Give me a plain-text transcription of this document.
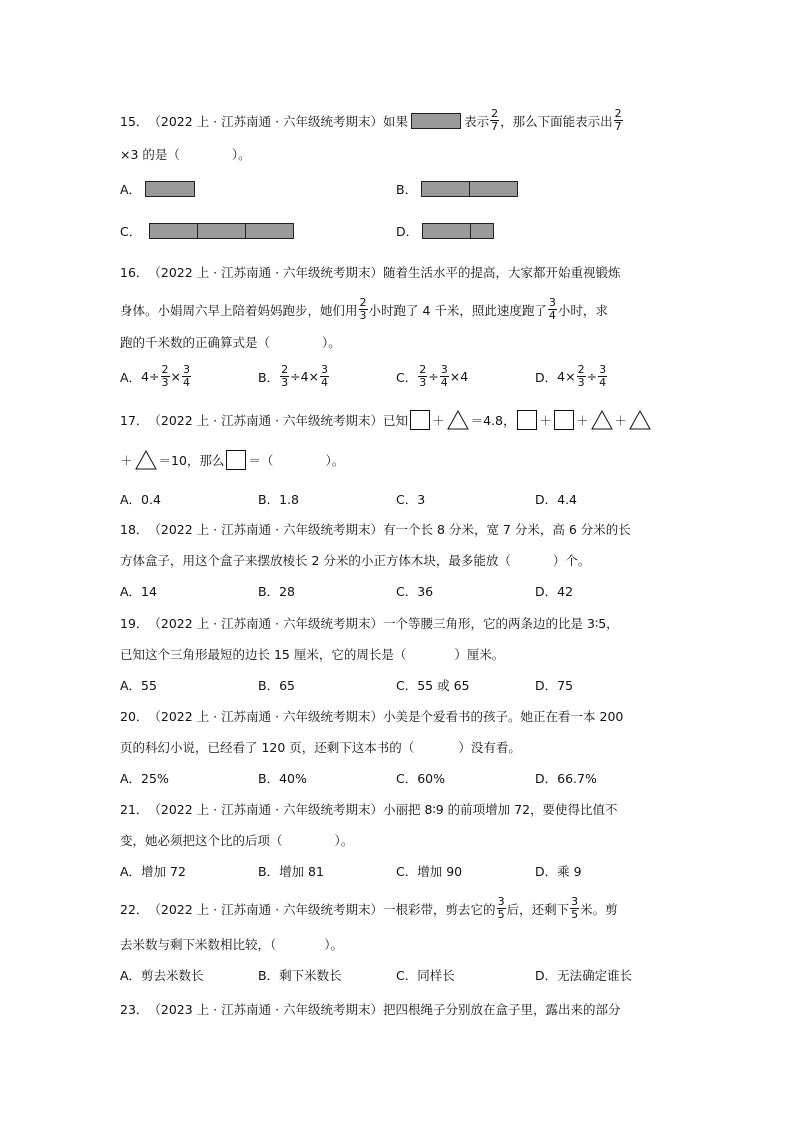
15． （2022 上 · 江苏南通 · 六年级统考期末） 如果	表示 $\frac{2}{7}$ ，那么下面能表示出 $\frac{2}{7}$
×3 的是（	）。
A．	B．
C．	D．
16． （2022 上 · 江苏南通 · 六年级统考期末） 随着生活水平的提高，大家都开始重视锻炼
身体。小娟周六早上陪着妈妈跑步，她们用 $\frac{2}{3}$ 小时跑了 4 千米，照此速度跑了 $\frac{3}{4}$ 小时，求
跑的千米数的正确算式是（	）。
A． $4 \div \frac{2}{3} \times \frac{3}{4}$	B． $\frac{2}{3} \div 4 \times \frac{3}{4}$	C． $\frac{2}{3} \div \frac{3}{4} \times 4$	D． $4 \times \frac{2}{3} \div \frac{3}{4}$
17． （2022 上 · 江苏南通 · 六年级统考期末） 已知 ＋ ＝4.8， ＋ ＋ ＋
＋ ＝10，那么 ＝（	）。
A．0.4	B．1.8	C．3	D．4.4
18． （2022 上 · 江苏南通 · 六年级统考期末） 有一个长 8 分米，宽 7 分米，高 6 分米的长
方体盒子，用这个盒子来摆放棱长 2 分米的小正方体木块，最多能放（	）个。
A．14	B．28	C．36	D．42
19． （2022 上 · 江苏南通 · 六年级统考期末） 一个等腰三角形，它的两条边的比是 3∶5，
已知这个三角形最短的边长 15 厘米，它的周长是（	）厘米。
A．55	B．65	C．55 或 65	D．75
20． （2022 上 · 江苏南通 · 六年级统考期末） 小美是个爱看书的孩子。她正在看一本 200
页的科幻小说，已经看了 120 页，还剩下这本书的（	）没有看。
A．25%	B．40%	C．60%	D．66.7%
21． （2022 上 · 江苏南通 · 六年级统考期末） 小丽把 8∶9 的前项增加 72，要使得比值不
变，她必须把这个比的后项（	）。
A．增加 72	B．增加 81	C．增加 90	D．乘 9
22． （2022 上 · 江苏南通 · 六年级统考期末） 一根彩带，剪去它的 $\frac{3}{5}$ 后，还剩下 $\frac{3}{5}$ 米。剪
去米数与剩下米数相比较，（	）。
A．剪去米数长	B．剩下米数长	C．同样长	D．无法确定谁长
23． （2023 上 · 江苏南通 · 六年级统考期末） 把四根绳子分别放在盒子里，露出来的部分
